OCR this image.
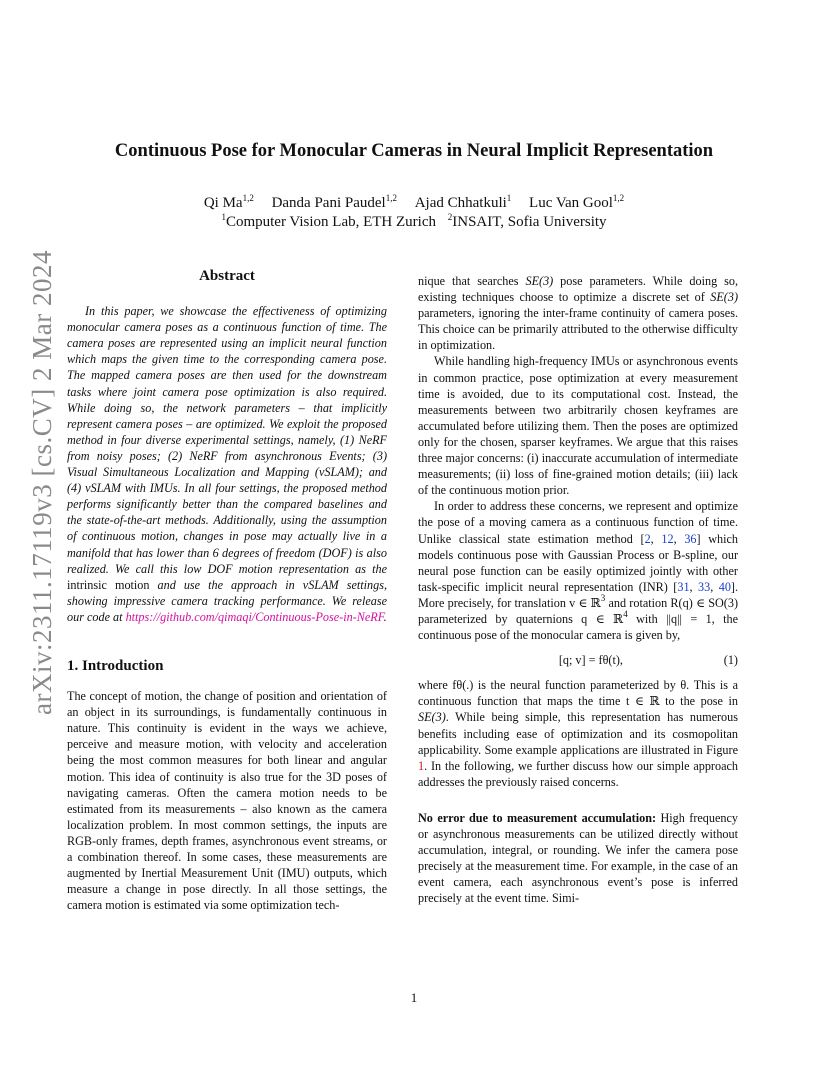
arXiv:2311.17119v3 [cs.CV] 2 Mar 2024
Continuous Pose for Monocular Cameras in Neural Implicit Representation
Qi Ma$^{1,2}$ Danda Pani Paudel$^{1,2}$ Ajad Chhatkuli$^1$ Luc Van Gool$^{1,2}$
$^1$Computer Vision Lab, ETH Zurich $^2$INSAIT, Sofia University
Abstract

In this paper, we showcase the effectiveness of optimizing monocular camera poses as a continuous function of time. The camera poses are represented using an implicit neural function which maps the given time to the corresponding camera pose. The mapped camera poses are then used for the downstream tasks where joint camera pose optimization is also required. While doing so, the network parameters – that implicitly represent camera poses – are optimized. We exploit the proposed method in four diverse experimental settings, namely, (1) NeRF from noisy poses; (2) NeRF from asynchronous Events; (3) Visual Simultaneous Localization and Mapping (vSLAM); and (4) vSLAM with IMUs. In all four settings, the proposed method performs significantly better than the compared baselines and the state-of-the-art methods. Additionally, using the assumption of continuous motion, changes in pose may actually live in a manifold that has lower than 6 degrees of freedom (DOF) is also realized. We call this low DOF motion representation as the intrinsic motion and use the approach in vSLAM settings, showing impressive camera tracking performance. We release our code at https://github.com/qimaqi/Continuous-Pose-in-NeRF.

1. Introduction

The concept of motion, the change of position and orientation of an object in its surroundings, is fundamentally continuous in nature. This continuity is evident in the ways we achieve, perceive and measure motion, with velocity and acceleration being the most common measures for both linear and angular motion. This idea of continuity is also true for the 3D poses of navigating cameras. Often the camera motion needs to be estimated from its measurements – also known as the camera localization problem. In most common settings, the inputs are RGB-only frames, depth frames, asynchronous event streams, or a combination thereof. In some cases, these measurements are augmented by Inertial Measurement Unit (IMU) outputs, which measure a change in pose directly. In all those settings, the camera motion is estimated via some optimization tech-

nique that searches SE(3) pose parameters. While doing so, existing techniques choose to optimize a discrete set of SE(3) parameters, ignoring the inter-frame continuity of camera poses. This choice can be primarily attributed to the otherwise difficulty in optimization.

While handling high-frequency IMUs or asynchronous events in common practice, pose optimization at every measurement time is avoided, due to its computational cost. Instead, the measurements between two arbitrarily chosen keyframes are accumulated before utilizing them. Then the poses are optimized only for the chosen, sparser keyframes. We argue that this raises three major concerns: (i) inaccurate accumulation of intermediate measurements; (ii) loss of fine-grained motion details; (iii) lack of the continuous motion prior.

In order to address these concerns, we represent and optimize the pose of a moving camera as a continuous function of time. Unlike classical state estimation method [2, 12, 36] which models continuous pose with Gaussian Process or B-spline, our neural pose function can be easily optimized jointly with other task-specific implicit neural representation (INR) [31, 33, 40]. More precisely, for translation v ∈ ℝ$^3$ and rotation R(q) ∈ SO(3) parameterized by quaternions q ∈ ℝ$^4$ with ||q|| = 1, the continuous pose of the monocular camera is given by,

[q; v] = fθ(t),	(1)

where fθ(.) is the neural function parameterized by θ. This is a continuous function that maps the time t ∈ ℝ to the pose in SE(3). While being simple, this representation has numerous benefits including ease of optimization and its cosmopolitan applicability. Some example applications are illustrated in Figure 1. In the following, we further discuss how our simple approach addresses the previously raised concerns.

No error due to measurement accumulation: High frequency or asynchronous measurements can be utilized directly without accumulation, integral, or rounding. We infer the camera pose precisely at the measurement time. For example, in the case of an event camera, each asynchronous event’s pose is inferred precisely at the event time. Simi-

1
